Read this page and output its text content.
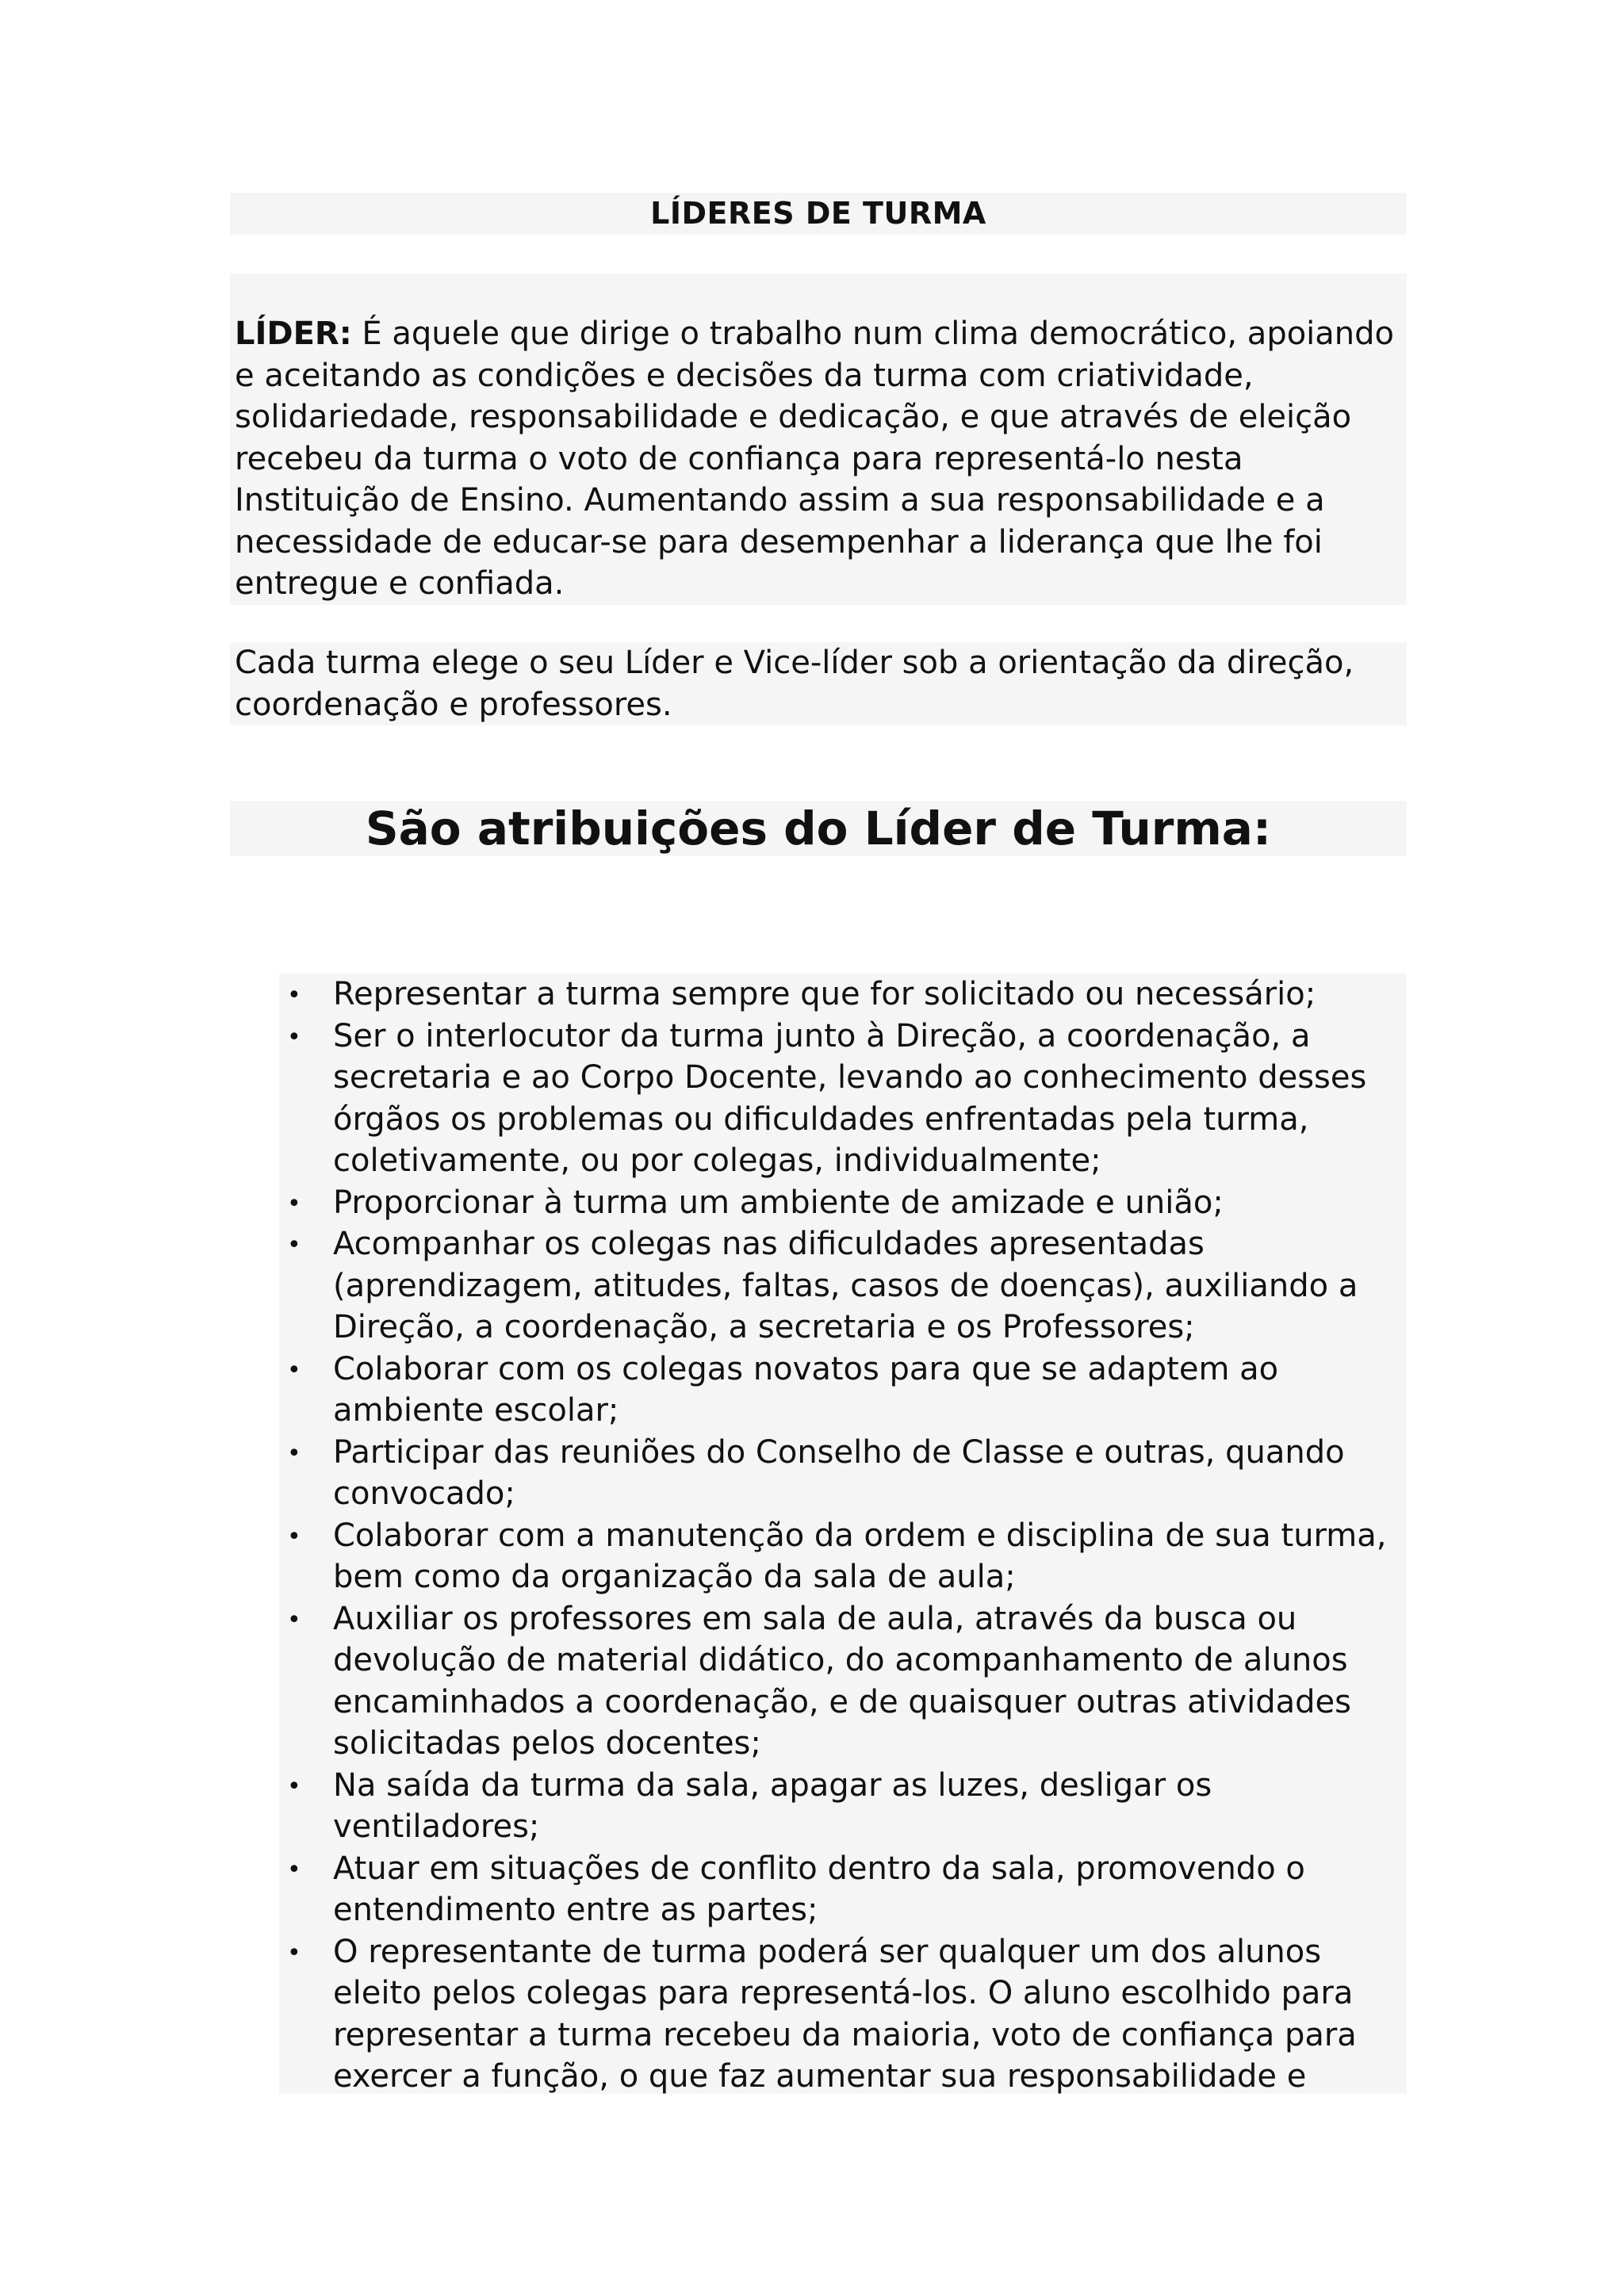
LÍDERES DE TURMA

LÍDER: É aquele que dirige o trabalho num clima democrático, apoiando e aceitando as condições e decisões da turma com criatividade, solidariedade, responsabilidade e dedicação, e que através de eleição recebeu da turma o voto de confiança para representá-lo nesta Instituição de Ensino. Aumentando assim a sua responsabilidade e a necessidade de educar-se para desempenhar a liderança que lhe foi entregue e confiada.

Cada turma elege o seu Líder e Vice-líder sob a orientação da direção, coordenação e professores.

São atribuições do Líder de Turma:
• Representar a turma sempre que for solicitado ou necessário;
• Ser o interlocutor da turma junto à Direção, a coordenação, a secretaria e ao Corpo Docente, levando ao conhecimento desses órgãos os problemas ou dificuldades enfrentadas pela turma, coletivamente, ou por colegas, individualmente;
• Proporcionar à turma um ambiente de amizade e união;
• Acompanhar os colegas nas dificuldades apresentadas (aprendizagem, atitudes, faltas, casos de doenças), auxiliando a Direção, a coordenação, a secretaria e os Professores;
• Colaborar com os colegas novatos para que se adaptem ao ambiente escolar;
• Participar das reuniões do Conselho de Classe e outras, quando convocado;
• Colaborar com a manutenção da ordem e disciplina de sua turma, bem como da organização da sala de aula;
• Auxiliar os professores em sala de aula, através da busca ou devolução de material didático, do acompanhamento de alunos encaminhados a coordenação, e de quaisquer outras atividades solicitadas pelos docentes;
• Na saída da turma da sala, apagar as luzes, desligar os ventiladores;
• Atuar em situações de conflito dentro da sala, promovendo o entendimento entre as partes;
• O representante de turma poderá ser qualquer um dos alunos eleito pelos colegas para representá-los. O aluno escolhido para representar a turma recebeu da maioria, voto de confiança para exercer a função, o que faz aumentar sua responsabilidade e
